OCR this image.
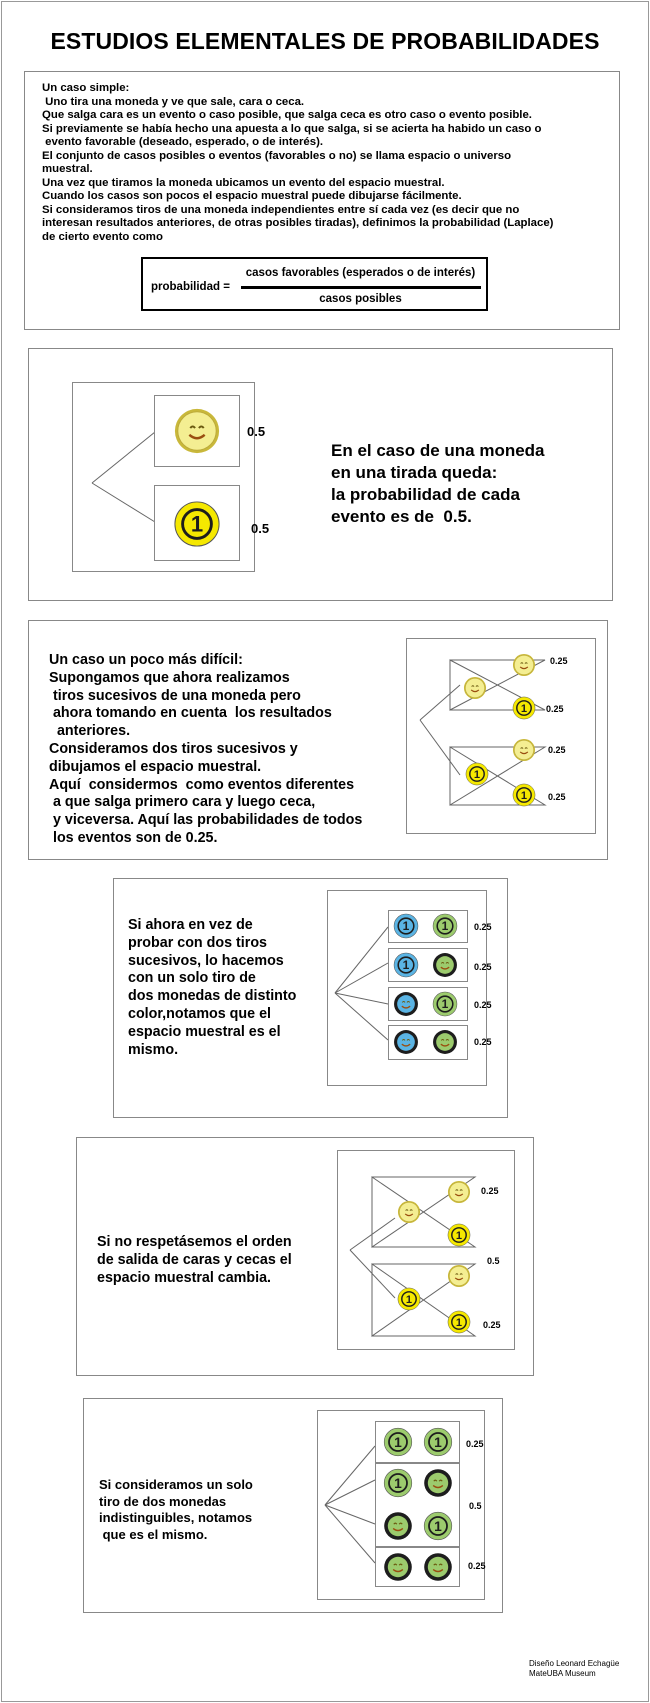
ESTUDIOS ELEMENTALES DE PROBABILIDADES

Un caso simple:

Uno tira una moneda y ve que sale, cara o ceca.

Que salga cara es un evento o caso posible, que salga ceca es otro caso o evento posible.

Si previamente se había hecho una apuesta a lo que salga, si se acierta ha habido un caso o

evento favorable (deseado, esperado, o de interés).

El conjunto de casos posibles o eventos (favorables o no) se llama espacio o universo

muestral.

Una vez que tiramos la moneda ubicamos un evento del espacio muestral.

Cuando los casos son pocos el espacio muestral puede dibujarse fácilmente.

Si consideramos tiros de una moneda independientes entre sí cada vez (es decir que no

interesan resultados anteriores, de otras posibles tiradas), definimos la probabilidad (Laplace)

de cierto evento como

probabilidad =
casos favorables (esperados o de interés)
casos posibles
1
0.5
0.5

En el caso de una moneda

en una tirada queda:

la probabilidad de cada

evento es de  0.5.

Un caso un poco más difícil:

Supongamos que ahora realizamos

tiros sucesivos de una moneda pero

ahora tomando en cuenta  los resultados

anteriores.

Consideramos dos tiros sucesivos y

dibujamos el espacio muestral.

Aquí  considermos  como eventos diferentes

a que salga primero cara y luego ceca,

y viceversa. Aquí las probabilidades de todos

los eventos son de 0.25.

1
1
1
0.25
0.25
0.25
0.25

Si ahora en vez de

probar con dos tiros

sucesivos, lo hacemos

con un solo tiro de

dos monedas de distinto

color,notamos que el

espacio muestral es el

mismo.

1 1
1
1
0.25
0.25
0.25
0.25

Si no respetásemos el orden

de salida de caras y cecas el

espacio muestral cambia.

1
1
1
0.25
0.5
0.25

Si consideramos un solo

tiro de dos monedas

indistinguibles, notamos

que es el mismo.

1 1
1
1
0.25
0.5
0.25

Diseño Leonard Echagüe

MateUBA Museum
